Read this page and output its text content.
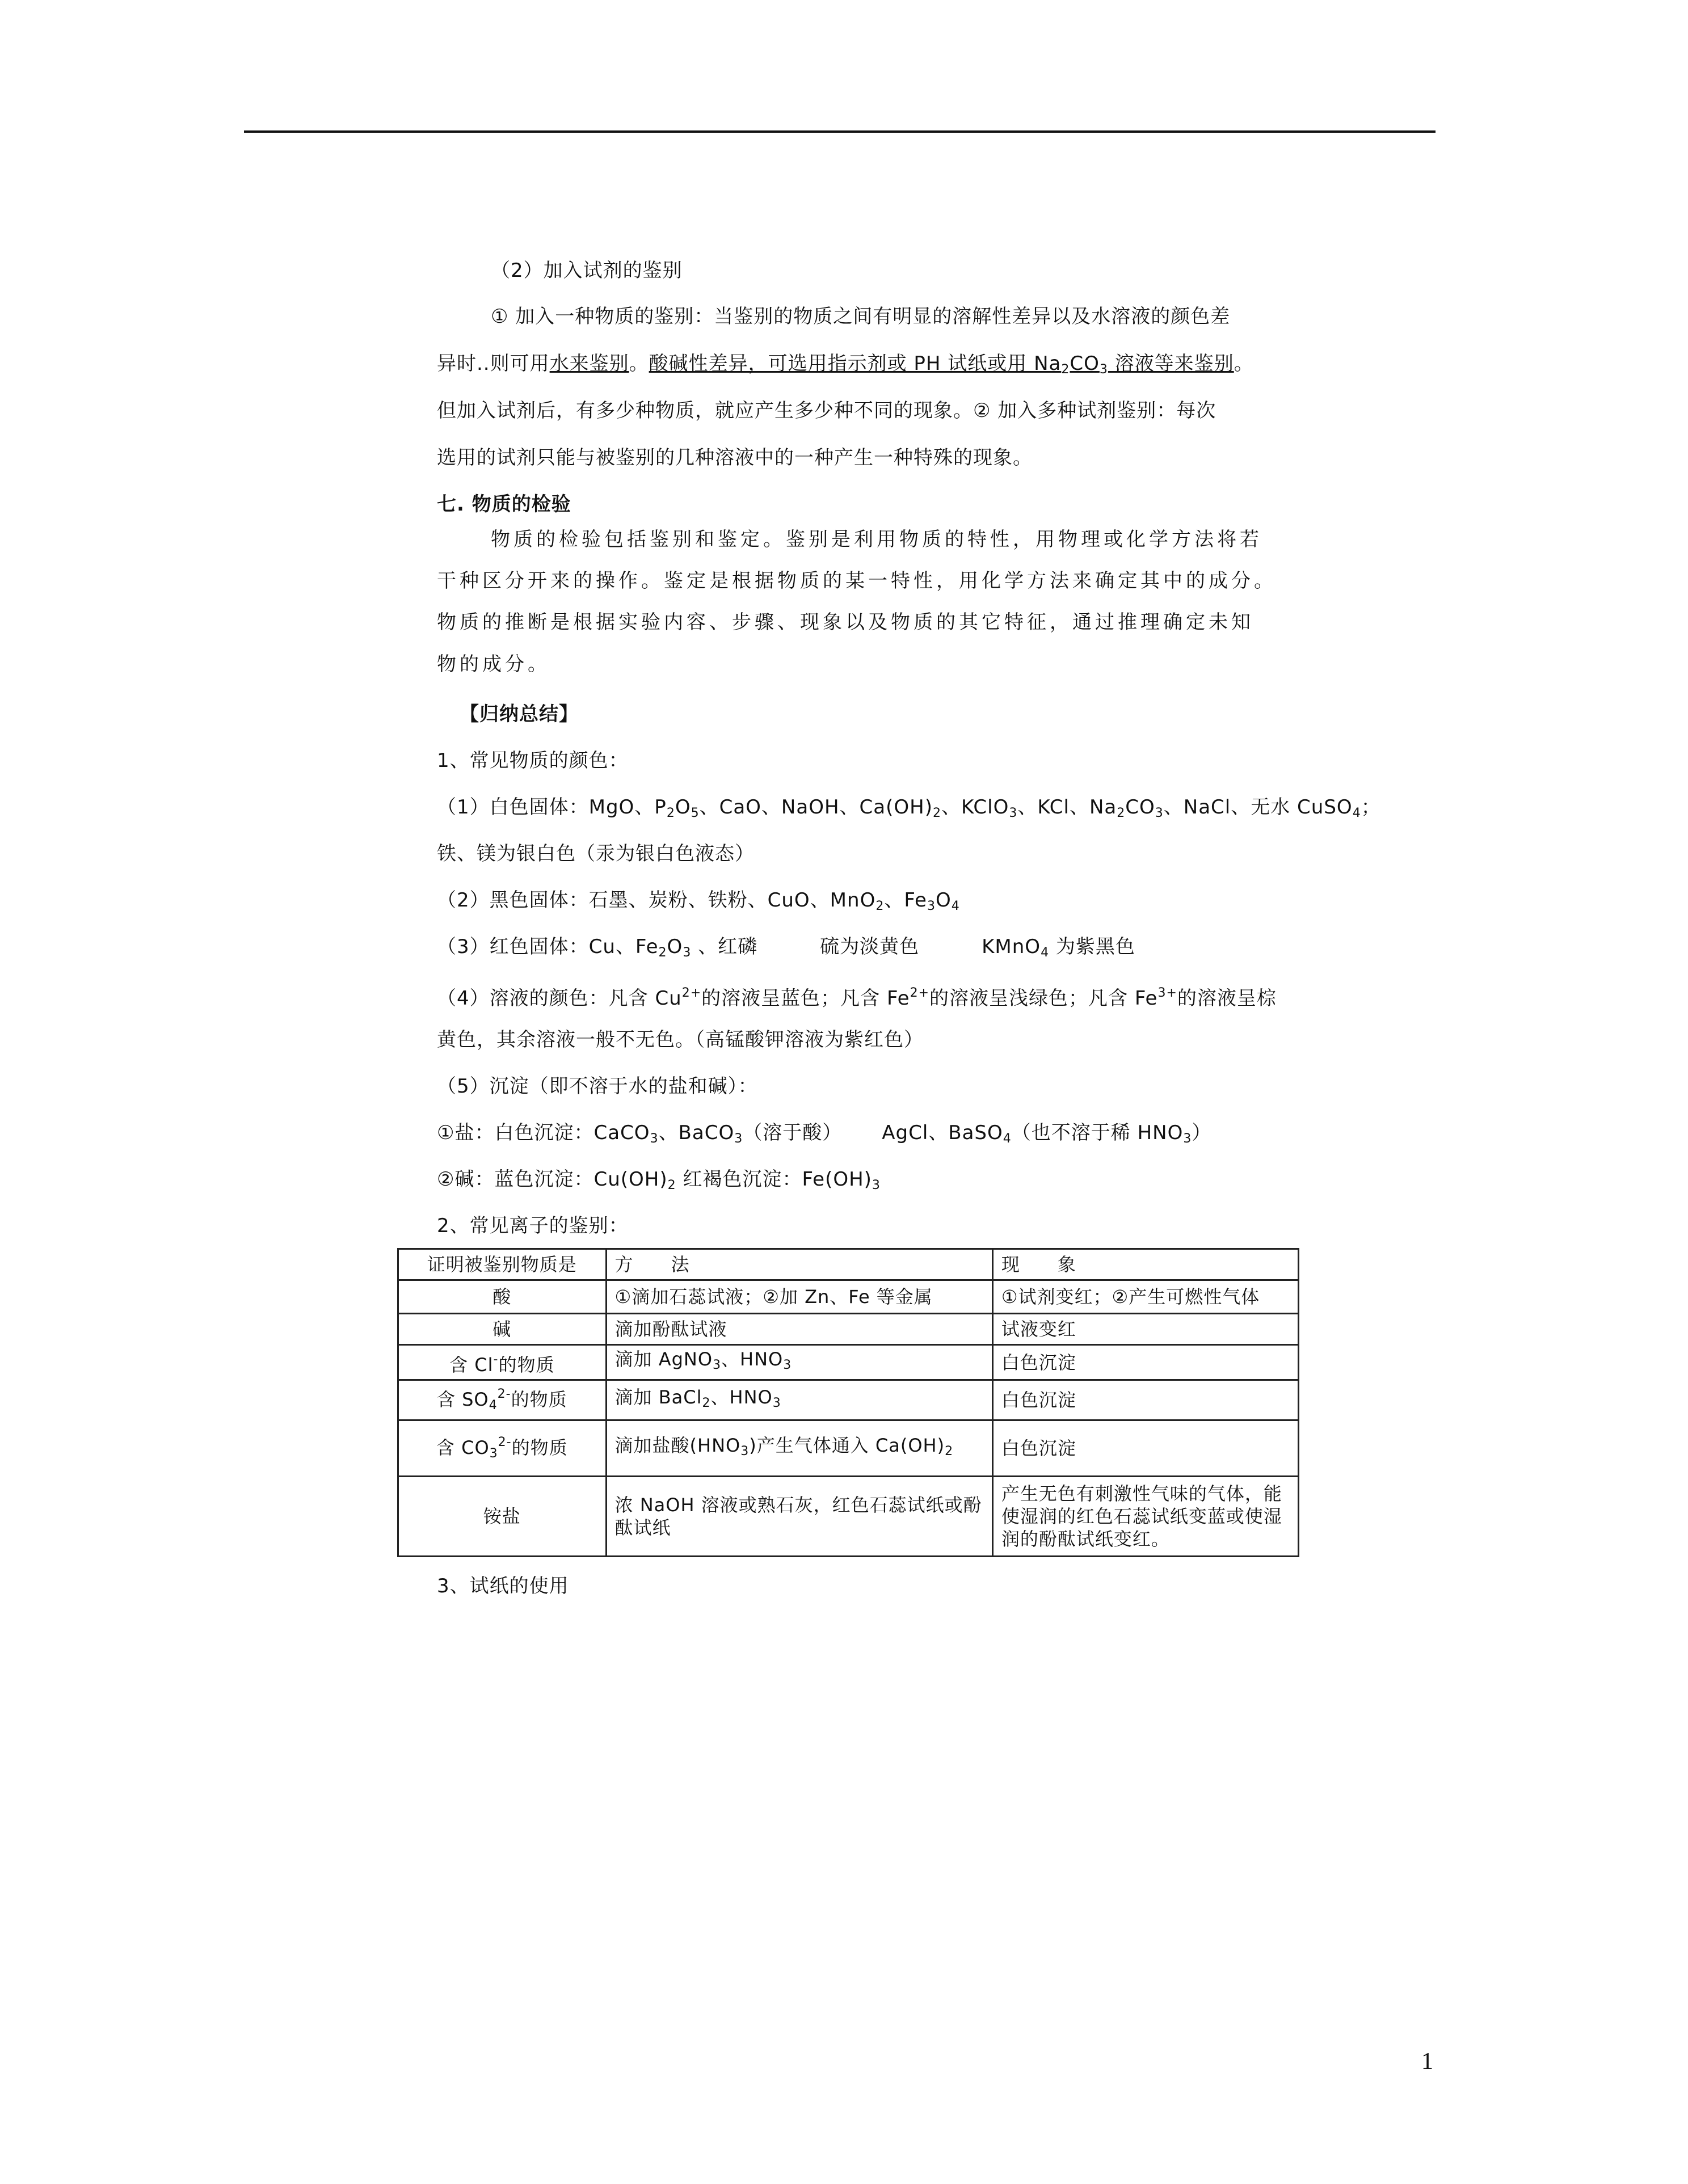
（2）加入试剂的鉴别
① 加入一种物质的鉴别：当鉴别的物质之间有明显的溶解性差异以及水溶液的颜色差
异时..则可用水来鉴别。酸碱性差异，可选用指示剂或 PH 试纸或用 $Na_2CO_3$ 溶液等来鉴别。
但加入试剂后，有多少种物质，就应产生多少种不同的现象。② 加入多种试剂鉴别：每次
选用的试剂只能与被鉴别的几种溶液中的一种产生一种特殊的现象。
七. 物质的检验
物质的检验包括鉴别和鉴定。鉴别是利用物质的特性，用物理或化学方法将若
干种区分开来的操作。鉴定是根据物质的某一特性，用化学方法来确定其中的成分。
物质的推断是根据实验内容、步骤、现象以及物质的其它特征，通过推理确定未知
物的成分。
【归纳总结】
1、常见物质的颜色：
（1）白色固体：MgO、$P_2O_5$、CaO、NaOH、$Ca(OH)_2$、KClO$_3$、KCl、$Na_2CO_3$、NaCl、无水 CuSO$_4$；
铁、镁为银白色（汞为银白色液态）
（2）黑色固体：石墨、炭粉、铁粉、CuO、MnO$_2$、$Fe_3O_4$
（3）红色固体：Cu、$Fe_2O_3$ 、红磷	硫为淡黄色	KMnO$_4$ 为紫黑色
（4）溶液的颜色：凡含 $Cu^{2+}$的溶液呈蓝色；凡含 $Fe^{2+}$的溶液呈浅绿色；凡含 $Fe^{3+}$的溶液呈棕
黄色，其余溶液一般不无色。（高锰酸钾溶液为紫红色）
（5）沉淀（即不溶于水的盐和碱）：
①盐：白色沉淀：CaCO$_3$、BaCO$_3$（溶于酸） AgCl、BaSO$_4$（也不溶于稀 $HNO_3$）
②碱：蓝色沉淀：$Cu(OH)_2$ 红褐色沉淀：$Fe(OH)_3$
2、常见离子的鉴别：
证明被鉴别物质是	方　　法	现　　象
酸	①滴加石蕊试液；②加 Zn、Fe 等金属	①试剂变红；②产生可燃性气体
碱	滴加酚酞试液	试液变红
含 Cl-的物质	滴加 AgNO$_3$、$HNO_3$	白色沉淀
含 $SO_4^{2-}$的物质	滴加 BaCl$_2$、$HNO_3$	白色沉淀
含 $CO_3^{2-}$的物质	滴加盐酸$(HNO_3)$产生气体通入 $Ca(OH)_2$	白色沉淀
铵盐	浓 NaOH 溶液或熟石灰，红色石蕊试纸或酚酞试纸	产生无色有刺激性气味的气体，能使湿润的红色石蕊试纸变蓝或使湿润的酚酞试纸变红。
3、试纸的使用
1
